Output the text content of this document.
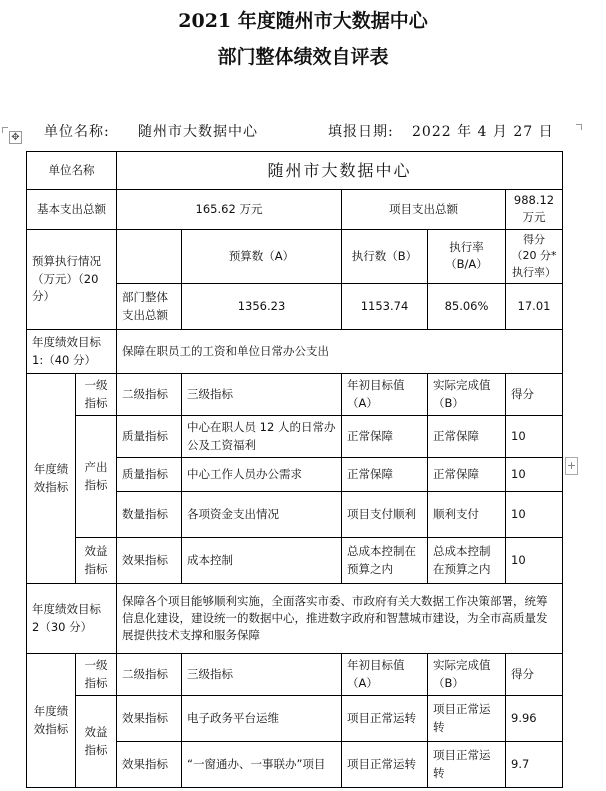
2021 年度随州市大数据中心
部门整体绩效自评表
✥
+
单位名称: 随州市大数据中心	填报日期: 2022 年 4 月 27 日
单位名称		随州市大数据中心				
基本支出总额		165.62 万元		项目支出总额		988.12 万元
预算执行情况（万元）（20 分）			预算数（A）	执行数（B）	执行率（B/A）	得分（20 分*执行率）
		部门整体支出总额	1356.23	1153.74	85.06%	17.01
年度绩效目标 1:（40 分）		保障在职员工的工资和单位日常办公支出				
年度绩效指标	一级指标	二级指标	三级指标	年初目标值（A）	实际完成值（B）	得分
	产出指标	质量指标	中心在职人员 12 人的日常办公及工资福利	正常保障	正常保障	10
		质量指标	中心工作人员办公需求	正常保障	正常保障	10
		数量指标	各项资金支出情况	项目支付顺利	顺利支付	10
	效益指标	效果指标	成本控制	总成本控制在预算之内	总成本控制在预算之内	10
年度绩效目标 2（30 分）		保障各个项目能够顺利实施，全面落实市委、市政府有关大数据工作决策部署，统筹信息化建设，建设统一的数据中心，推进数字政府和智慧城市建设，为全市高质量发展提供技术支撑和服务保障				
年度绩效指标	一级指标	二级指标	三级指标	年初目标值（A）	实际完成值（B）	得分
	效益指标	效果指标	电子政务平台运维	项目正常运转	项目正常运转	9.96
		效果指标	“一窗通办、一事联办”项目	项目正常运转	项目正常运转	9.7
